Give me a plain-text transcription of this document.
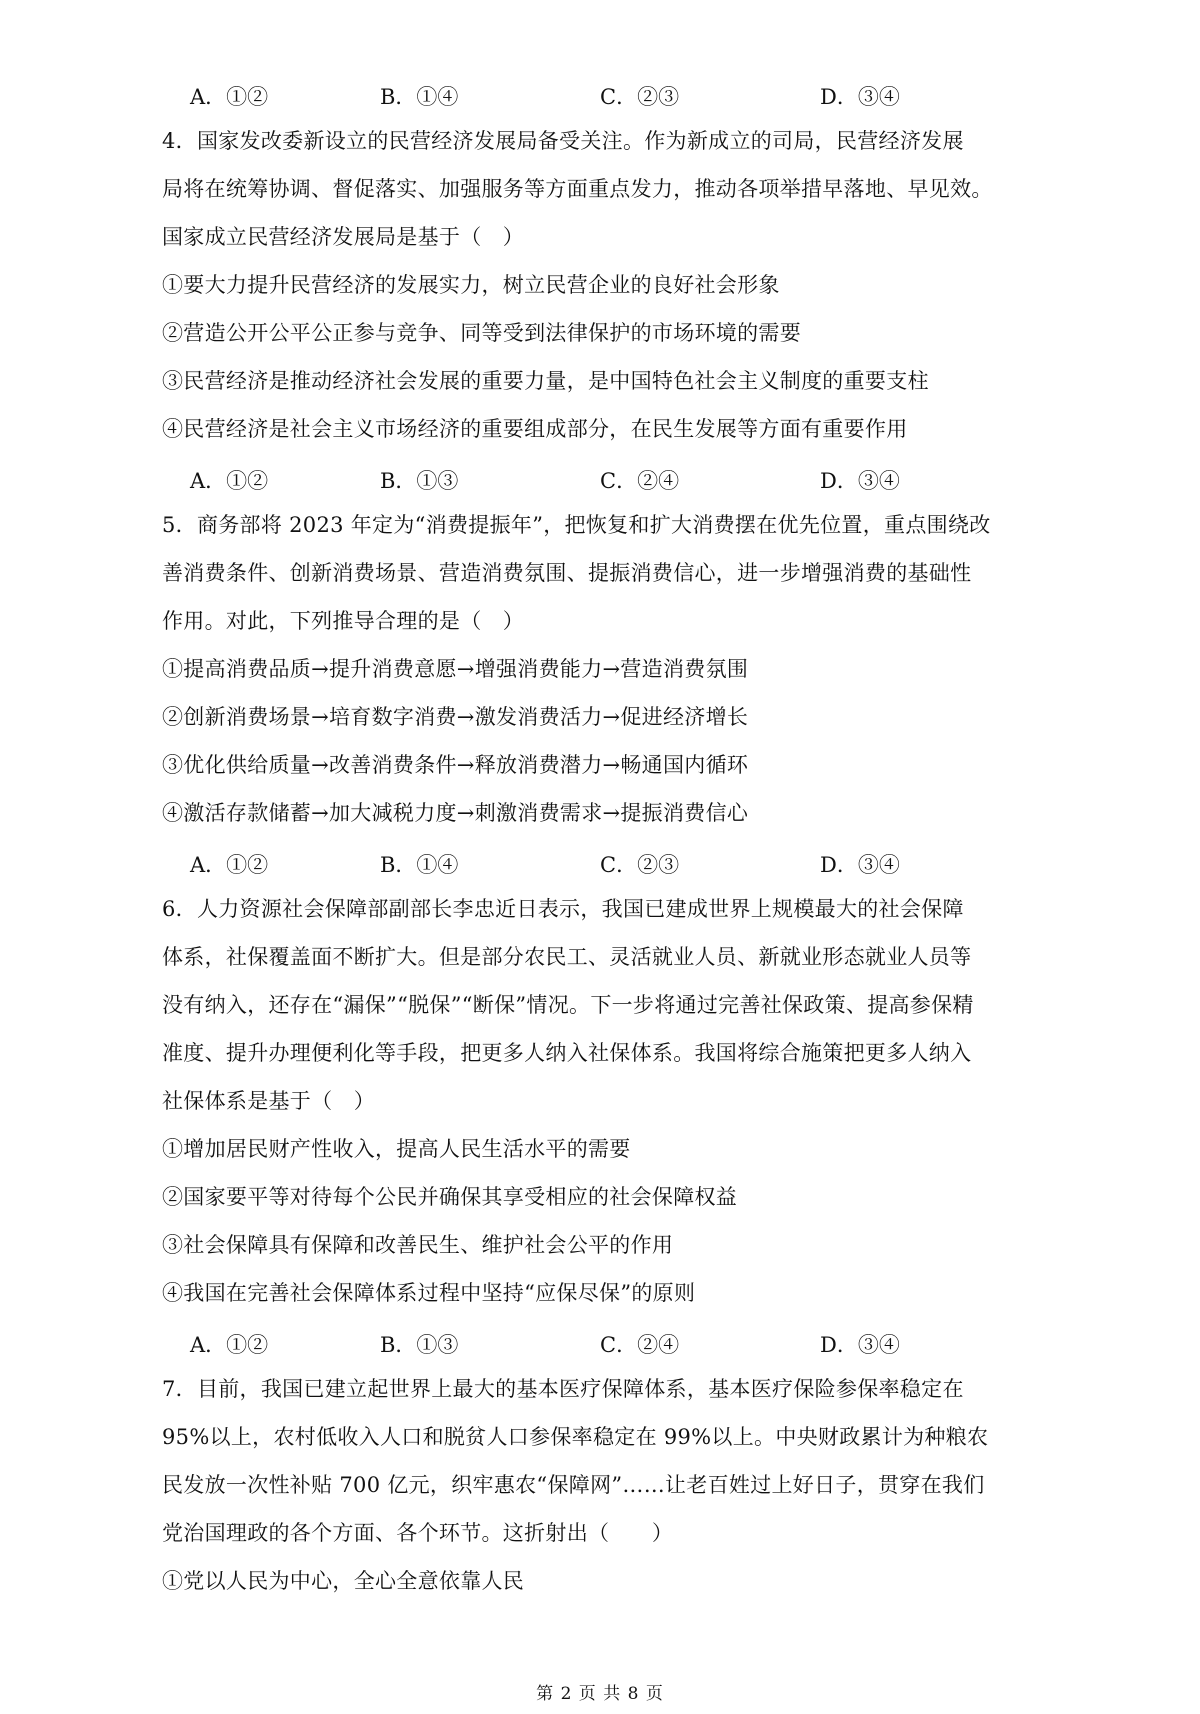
A．①②	B．①④	C．②③	D．③④
4．国家发改委新设立的民营经济发展局备受关注。作为新成立的司局，民营经济发展
局将在统筹协调、督促落实、加强服务等方面重点发力，推动各项举措早落地、早见效。
国家成立民营经济发展局是基于（　）
①要大力提升民营经济的发展实力，树立民营企业的良好社会形象
②营造公开公平公正参与竞争、同等受到法律保护的市场环境的需要
③民营经济是推动经济社会发展的重要力量，是中国特色社会主义制度的重要支柱
④民营经济是社会主义市场经济的重要组成部分，在民生发展等方面有重要作用
A．①②	B．①③	C．②④	D．③④
5．商务部将 2023 年定为“消费提振年”，把恢复和扩大消费摆在优先位置，重点围绕改
善消费条件、创新消费场景、营造消费氛围、提振消费信心，进一步增强消费的基础性
作用。对此，下列推导合理的是（　）
①提高消费品质→提升消费意愿→增强消费能力→营造消费氛围
②创新消费场景→培育数字消费→激发消费活力→促进经济增长
③优化供给质量→改善消费条件→释放消费潜力→畅通国内循环
④激活存款储蓄→加大减税力度→刺激消费需求→提振消费信心
A．①②	B．①④	C．②③	D．③④
6．人力资源社会保障部副部长李忠近日表示，我国已建成世界上规模最大的社会保障
体系，社保覆盖面不断扩大。但是部分农民工、灵活就业人员、新就业形态就业人员等
没有纳入，还存在“漏保”“脱保”“断保”情况。下一步将通过完善社保政策、提高参保精
准度、提升办理便利化等手段，把更多人纳入社保体系。我国将综合施策把更多人纳入
社保体系是基于（　）
①增加居民财产性收入，提高人民生活水平的需要
②国家要平等对待每个公民并确保其享受相应的社会保障权益
③社会保障具有保障和改善民生、维护社会公平的作用
④我国在完善社会保障体系过程中坚持“应保尽保”的原则
A．①②	B．①③	C．②④	D．③④
7．目前，我国已建立起世界上最大的基本医疗保障体系，基本医疗保险参保率稳定在
95%以上，农村低收入人口和脱贫人口参保率稳定在 99%以上。中央财政累计为种粮农
民发放一次性补贴 700 亿元，织牢惠农“保障网”……让老百姓过上好日子，贯穿在我们
党治国理政的各个方面、各个环节。这折射出（　　）
①党以人民为中心，全心全意依靠人民
第 2 页 共 8 页
